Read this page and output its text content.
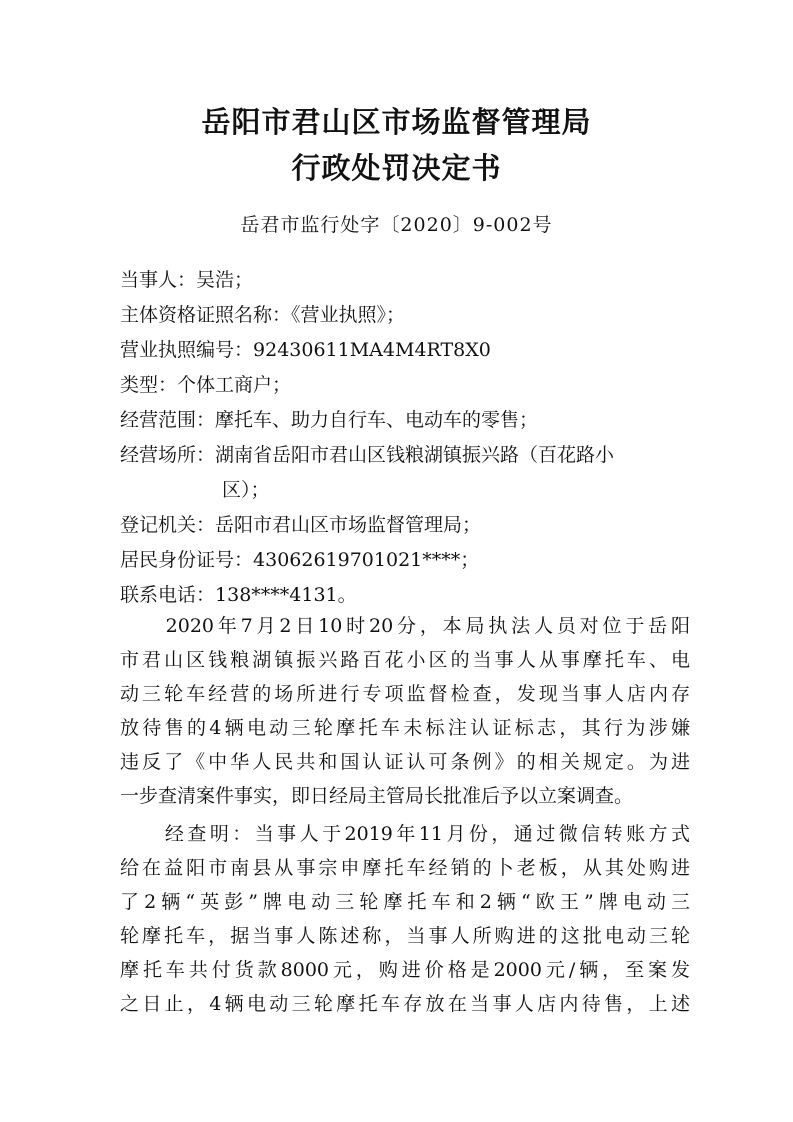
岳阳市君山区市场监督管理局
行政处罚决定书
岳君市监行处字〔2020〕9-002号
当事人：吴浩；
主体资格证照名称：《营业执照》；
营业执照编号：92430611MA4M4RT8X0
类型：个体工商户；
经营范围：摩托车、助力自行车、电动车的零售；
经营场所：湖南省岳阳市君山区钱粮湖镇振兴路（百花路小
区）；
登记机关：岳阳市君山区市场监督管理局；
居民身份证号：43062619701021****；
联系电话：138****4131。
　　2020年7月2日10时20分，本局执法人员对位于岳阳
市君山区钱粮湖镇振兴路百花小区的当事人从事摩托车、电
动三轮车经营的场所进行专项监督检查，发现当事人店内存
放待售的4辆电动三轮摩托车未标注认证标志，其行为涉嫌
违反了《中华人民共和国认证认可条例》的相关规定。为进
一步查清案件事实，即日经局主管局长批准后予以立案调查。
　　经查明：当事人于2019年11月份，通过微信转账方式
给在益阳市南县从事宗申摩托车经销的卜老板，从其处购进
了2辆“英彭”牌电动三轮摩托车和2辆“欧王”牌电动三
轮摩托车，据当事人陈述称，当事人所购进的这批电动三轮
摩托车共付货款8000元，购进价格是2000元/辆，至案发
之日止，4辆电动三轮摩托车存放在当事人店内待售，上述
